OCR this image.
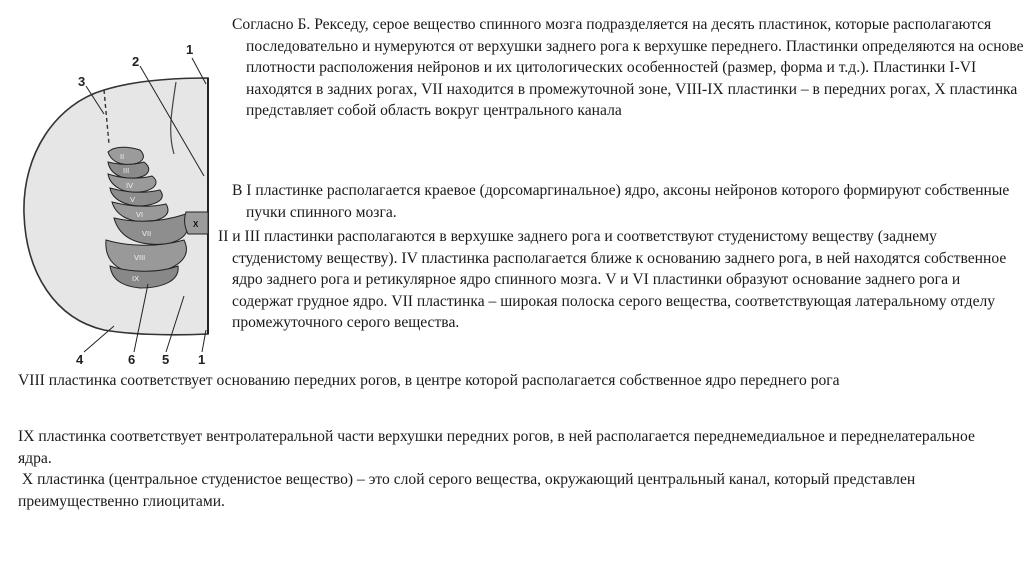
II
III
IV
V
VI
VII
VIII
IX
X
1
2
3
4	6 5 1

Согласно Б. Рекседу, серое вещество спинного мозга подразделяется на десять пластинок, которые располагаются последовательно и нумеруются от верхушки заднего рога к верхушке переднего. Пластинки определяются на основе плотности расположения нейронов и их цитологических особенностей (размер, форма и т.д.). Пластинки I-VI находятся в задних рогах, VII находится в промежуточной зоне, VIII-IX пластинки – в передних рогах, X пластинка представляет собой область вокруг центрального канала

В I пластинке располагается краевое (дорсомаргинальное) ядро, аксоны нейронов которого формируют собственные пучки спинного мозга.

II и III пластинки располагаются в верхушке заднего рога и соответствуют студенистому веществу (заднему студенистому веществу). IV пластинка располагается ближе к основанию заднего рога, в ней находятся собственное ядро заднего рога и ретикулярное ядро спинного мозга. V и VI пластинки образуют основание заднего рога и содержат грудное ядро. VII пластинка – широкая полоска серого вещества, соответствующая латеральному отделу промежуточного серого вещества.

VIII пластинка соответствует основанию передних рогов, в центре которой располагается собственное ядро переднего рога

IX пластинка соответствует вентролатеральной части верхушки передних рогов, в ней располагается переднемедиальное и переднелатеральное ядра.
X пластинка (центральное студенистое вещество) – это слой серого вещества, окружающий центральный канал, который представлен преимущественно глиоцитами.
